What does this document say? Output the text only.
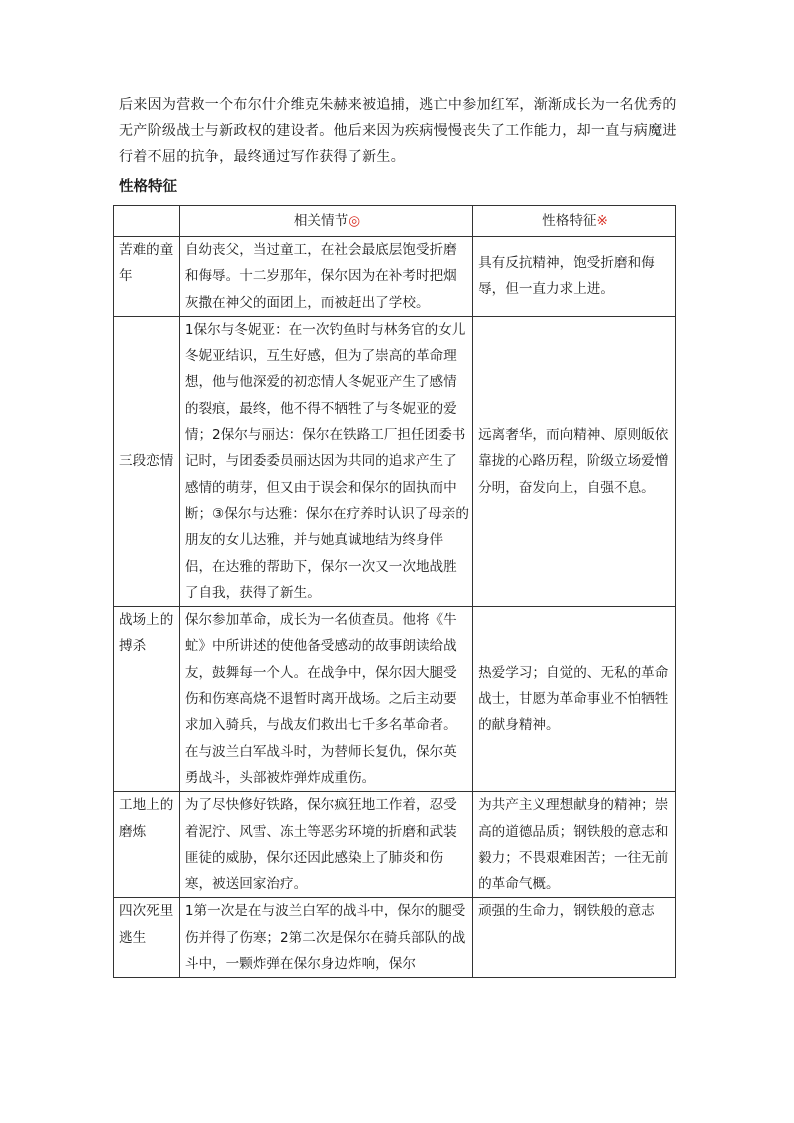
后来因为营救一个布尔什介维克朱赫来被追捕，逃亡中参加红军，渐渐成长为一名优秀的无产阶级战士与新政权的建设者。他后来因为疾病慢慢丧失了工作能力，却一直与病魔进行着不屈的抗争，最终通过写作获得了新生。

性格特征

	相关情节◎	性格特征※
苦难的童年	自幼丧父，当过童工，在社会最底层饱受折磨和侮辱。十二岁那年，保尔因为在补考时把烟灰撒在神父的面团上，而被赶出了学校。	具有反抗精神，饱受折磨和侮辱，但一直力求上进。
三段恋情	1保尔与冬妮亚：在一次钓鱼时与林务官的女儿冬妮亚结识，互生好感，但为了崇高的革命理想，他与他深爱的初恋情人冬妮亚产生了感情的裂痕，最终，他不得不牺牲了与冬妮亚的爱情；2保尔与丽达：保尔在铁路工厂担任团委书记时，与团委委员丽达因为共同的追求产生了感情的萌芽，但又由于误会和保尔的固执而中断；③保尔与达雅：保尔在疗养时认识了母亲的朋友的女儿达雅，并与她真诚地结为终身伴侣，在达雅的帮助下，保尔一次又一次地战胜了自我，获得了新生。	远离奢华，而向精神、原则皈依靠拢的心路历程，阶级立场爱憎分明，奋发向上，自强不息。
战场上的搏杀	保尔参加革命，成长为一名侦查员。他将《牛虻》中所讲述的使他备受感动的故事朗读给战友，鼓舞每一个人。在战争中，保尔因大腿受伤和伤寒高烧不退暂时离开战场。之后主动要求加入骑兵，与战友们救出七千多名革命者。在与波兰白军战斗时，为替师长复仇，保尔英勇战斗，头部被炸弹炸成重伤。	热爱学习；自觉的、无私的革命战士，甘愿为革命事业不怕牺牲的献身精神。
工地上的磨炼	为了尽快修好铁路，保尔疯狂地工作着，忍受着泥泞、风雪、冻土等恶劣环境的折磨和武装匪徒的威胁，保尔还因此感染上了肺炎和伤寒，被送回家治疗。	为共产主义理想献身的精神；崇高的道德品质；钢铁般的意志和毅力；不畏艰难困苦；一往无前的革命气概。
四次死里逃生	1第一次是在与波兰白军的战斗中，保尔的腿受伤并得了伤寒；2第二次是保尔在骑兵部队的战斗中，一颗炸弹在保尔身边炸响，保尔	顽强的生命力，钢铁般的意志
